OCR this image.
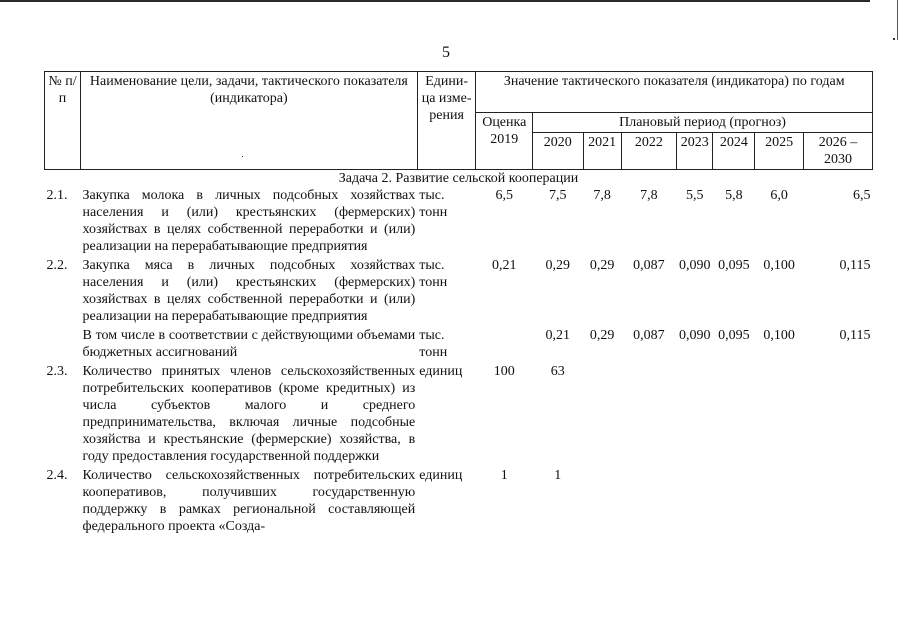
5
№ п/п	Наименование цели, задачи, тактического показателя (индикатора)	Едини-ца изме-рения	Значение тактического показателя (индикатора) по годам							
			Оценка 2019	Плановый период (прогноз)						
				2020	2021	2022	2023	2024	2025	2026 – 2030
Задача 2. Развитие сельской кооперации										
2.1.	Закупка молока в личных подсобных хозяйствах населения и (или) крестьянских (фермерских) хозяйствах в целях собственной переработки и (или) реализации на перерабатывающие предприятия	тыс. тонн	6,5	7,5	7,8	7,8	5,5	5,8	6,0	6,5
2.2.	Закупка мяса в личных подсобных хозяйствах населения и (или) крестьянских (фермерских) хозяйствах в целях собственной переработки и (или) реализации на перерабатывающие предприятия	тыс. тонн	0,21	0,29	0,29	0,087	0,090	0,095	0,100	0,115
	В том числе в соответствии с действующими объемами бюджетных ассигнований	тыс. тонн		0,21	0,29	0,087	0,090	0,095	0,100	0,115
2.3.	Количество принятых членов сельскохозяйственных потребительских кооперативов (кроме кредитных) из числа субъектов малого и среднего предпринимательства, включая личные подсобные хозяйства и крестьянские (фермерские) хозяйства, в году предоставления государственной поддержки	единиц	100	63						
2.4.	Количество сельскохозяйственных потребительских кооперативов, получивших государственную поддержку в рамках региональной составляющей федерального проекта «Созда-	единиц	1	1						
